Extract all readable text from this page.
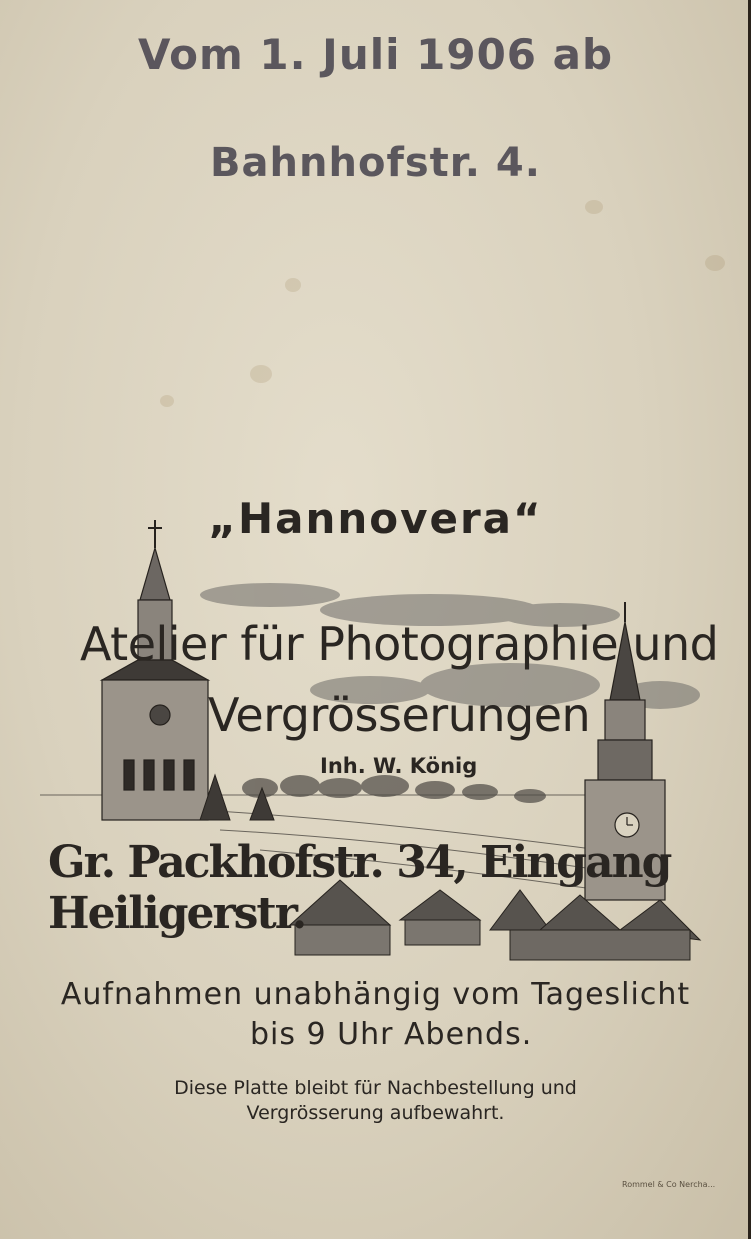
Vom 1. Juli 1906 ab
Bahnhofstr. 4.
„Hannovera“
Atelier für Photographie und
Vergrösserungen
Inh. W. König
Gr. Packhofstr. 34, Eingang Heiligerstr.
Aufnahmen unabhängig vom Tageslicht
bis 9 Uhr Abends.
Diese Platte bleibt für Nachbestellung und
Vergrösserung aufbewahrt.
Rommel & Co Nercha...
